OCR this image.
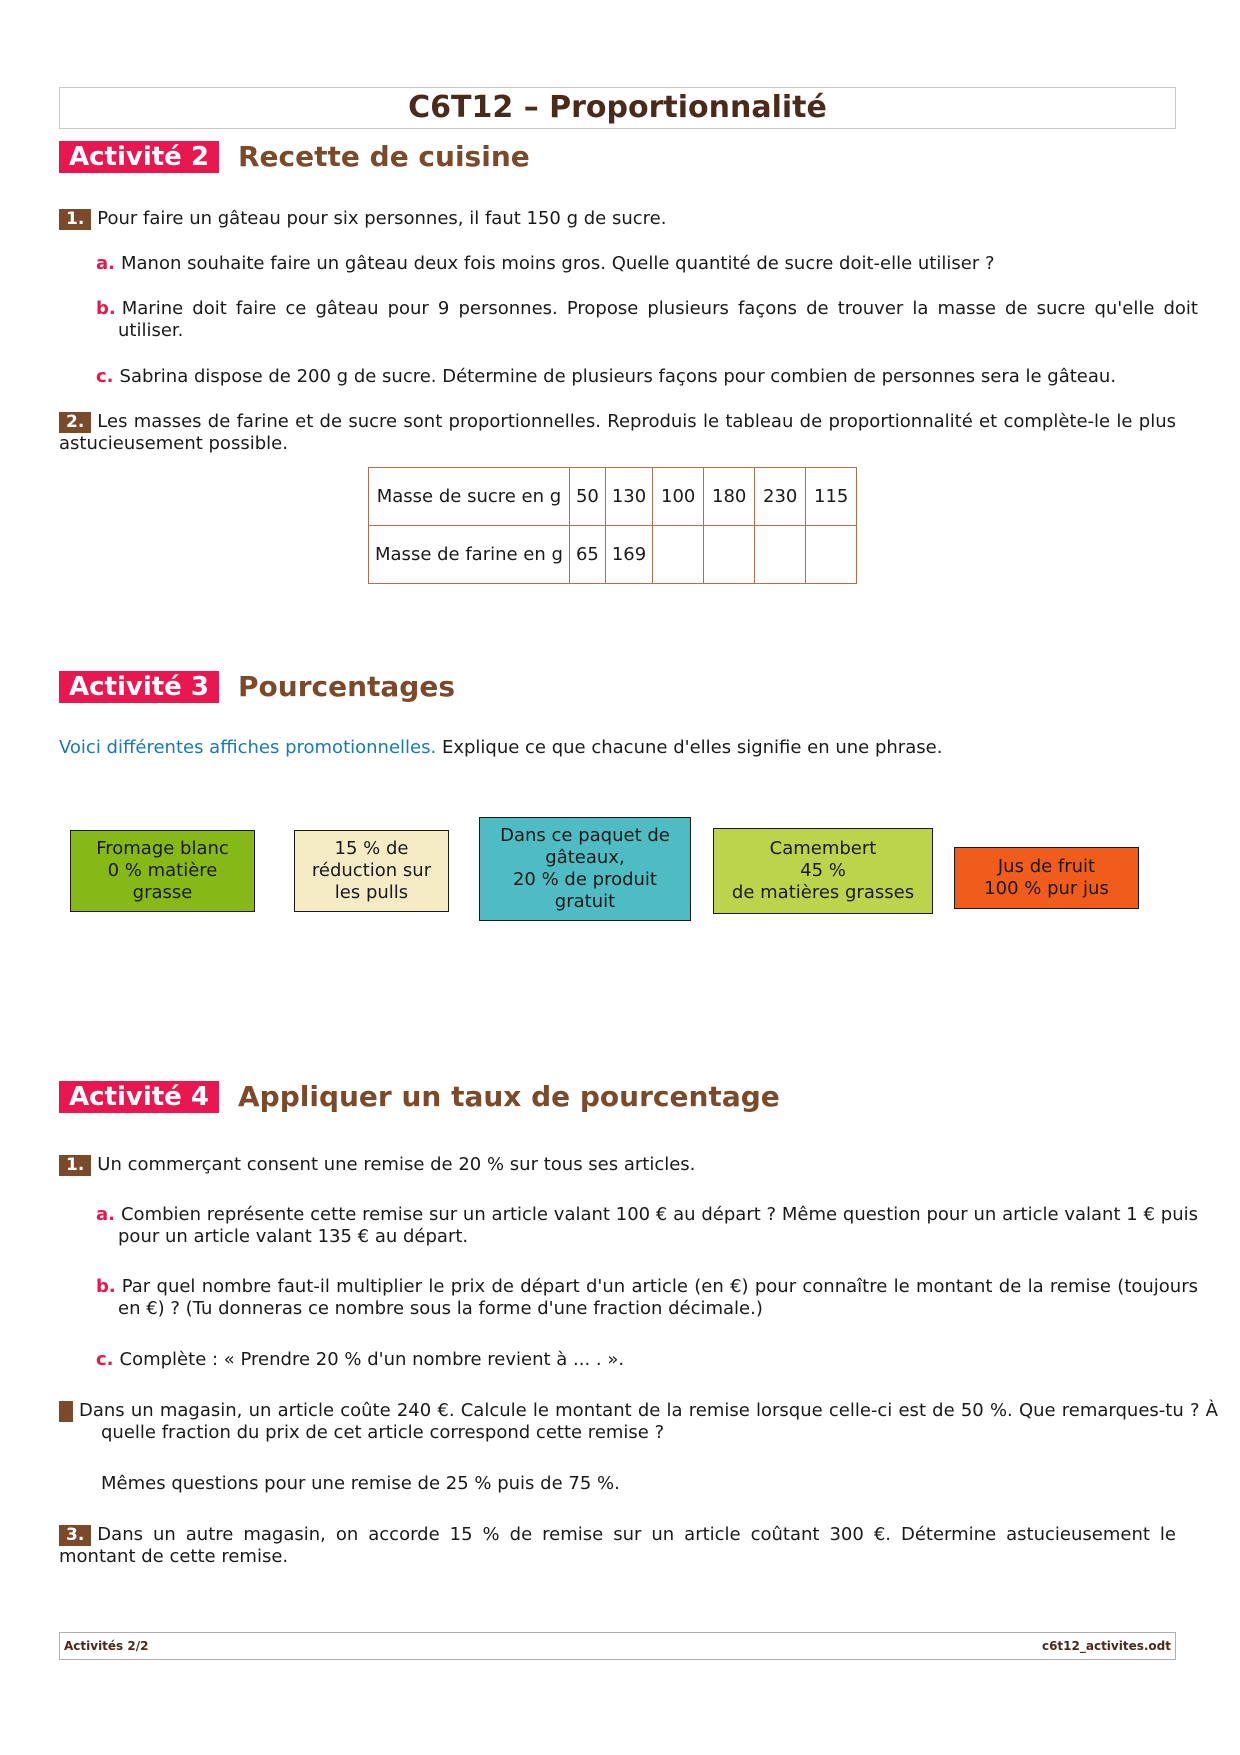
C6T12 – Proportionnalité
Activité 2	Recette de cuisine
1. Pour faire un gâteau pour six personnes, il faut 150 g de sucre.
a. Manon souhaite faire un gâteau deux fois moins gros. Quelle quantité de sucre doit-elle utiliser ?
b. Marine doit faire ce gâteau pour 9 personnes. Propose plusieurs façons de trouver la masse de sucre qu'elle doit utiliser.
c. Sabrina dispose de 200 g de sucre. Détermine de plusieurs façons pour combien de personnes sera le gâteau.
2. Les masses de farine et de sucre sont proportionnelles. Reproduis le tableau de proportionnalité et complète-le le plus astucieusement possible.
Masse de sucre en g	50	130	100	180	230	115
Masse de farine en g	65	169				
Activité 3	Pourcentages
Voici différentes affiches promotionnelles. Explique ce que chacune d'elles signifie en une phrase.
Fromage blanc
0 % matière
grasse
15 % de
réduction sur
les pulls
Dans ce paquet de
gâteaux,
20 % de produit
gratuit
Camembert
45 %
de matières grasses
Jus de fruit
100 % pur jus
Activité 4	Appliquer un taux de pourcentage
1. Un commerçant consent une remise de 20 % sur tous ses articles.
a. Combien représente cette remise sur un article valant 100 € au départ ? Même question pour un article valant 1 € puis pour un article valant 135 € au départ.
b. Par quel nombre faut-il multiplier le prix de départ d'un article (en €) pour connaître le montant de la remise (toujours en €) ? (Tu donneras ce nombre sous la forme d'une fraction décimale.)
c. Complète : « Prendre 20 % d'un nombre revient à ... . ».
2. Dans un magasin, un article coûte 240 €. Calcule le montant de la remise lorsque celle-ci est de 50 %. Que remarques-tu ? À quelle fraction du prix de cet article correspond cette remise ?
Mêmes questions pour une remise de 25 % puis de 75 %.
3. Dans un autre magasin, on accorde 15 % de remise sur un article coûtant 300 €. Détermine astucieusement le montant de cette remise.
Activités 2/2	c6t12_activites.odt
